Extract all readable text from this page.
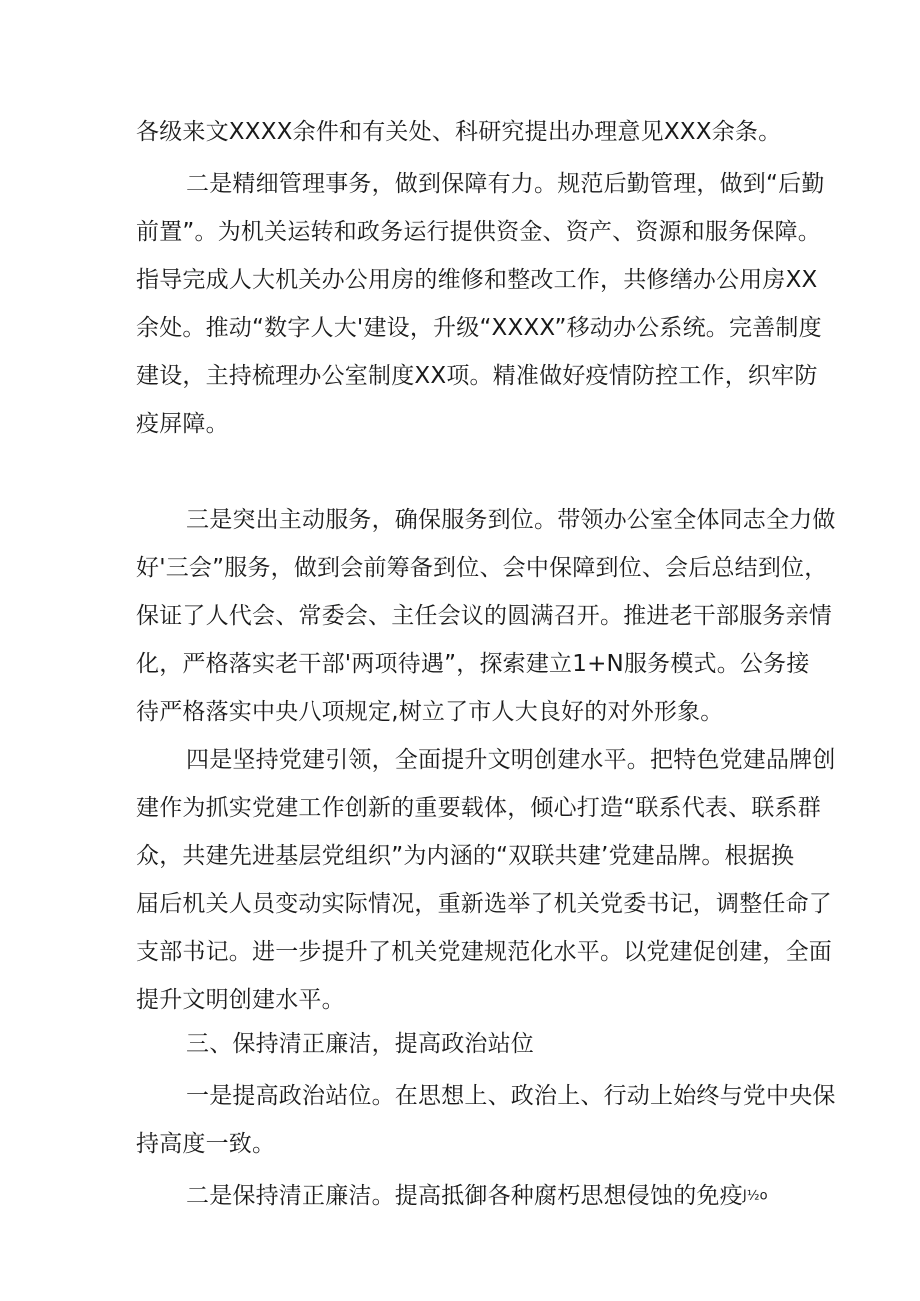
各级来文XXXX余件和有关处、科研究提出办理意见XXX余条。
二是精细管理事务，做到保障有力。规范后勤管理，做到“后勤
前置”。为机关运转和政务运行提供资金、资产、资源和服务保障。
指导完成人大机关办公用房的维修和整改工作，共修缮办公用房XX
余处。推动“数字人大'建设，升级“XXXX”移动办公系统。完善制度
建设，主持梳理办公室制度XX项。精准做好疫情防控工作，织牢防
疫屏障。
三是突出主动服务，确保服务到位。带领办公室全体同志全力做
好'三会”服务，做到会前筹备到位、会中保障到位、会后总结到位，
保证了人代会、常委会、主任会议的圆满召开。推进老干部服务亲情
化，严格落实老干部'两项待遇”，探索建立1+N服务模式。公务接
待严格落实中央八项规定,树立了市人大良好的对外形象。
四是坚持党建引领，全面提升文明创建水平。把特色党建品牌创
建作为抓实党建工作创新的重要载体，倾心打造“联系代表、联系群
众，共建先进基层党组织”为内涵的“双联共建’党建品牌。根据换
届后机关人员变动实际情况，重新选举了机关党委书记，调整任命了
支部书记。进一步提升了机关党建规范化水平。以党建促创建，全面
提升文明创建水平。
三、保持清正廉洁，提高政治站位
一是提高政治站位。在思想上、政治上、行动上始终与党中央保
持高度一致。
二是保持清正廉洁。提高抵御各种腐朽思想侵蚀的免疫J½o
